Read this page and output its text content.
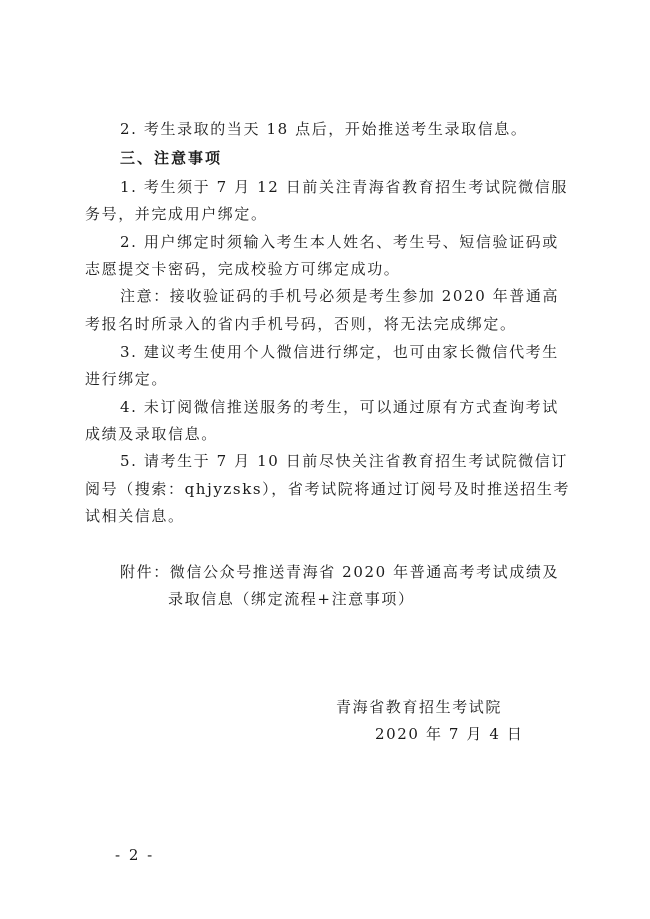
2. 考生录取的当天 18 点后，开始推送考生录取信息。
三、注意事项
1. 考生须于 7 月 12 日前关注青海省教育招生考试院微信服
务号，并完成用户绑定。
2. 用户绑定时须输入考生本人姓名、考生号、短信验证码或
志愿提交卡密码，完成校验方可绑定成功。
注意：接收验证码的手机号必须是考生参加 2020 年普通高
考报名时所录入的省内手机号码，否则，将无法完成绑定。
3. 建议考生使用个人微信进行绑定，也可由家长微信代考生
进行绑定。
4. 未订阅微信推送服务的考生，可以通过原有方式查询考试
成绩及录取信息。
5. 请考生于 7 月 10 日前尽快关注省教育招生考试院微信订
阅号（搜索：qhjyzsks），省考试院将通过订阅号及时推送招生考
试相关信息。
附件：微信公众号推送青海省 2020 年普通高考考试成绩及
录取信息（绑定流程+注意事项）
青海省教育招生考试院
2020 年 7 月 4 日
- 2 -
